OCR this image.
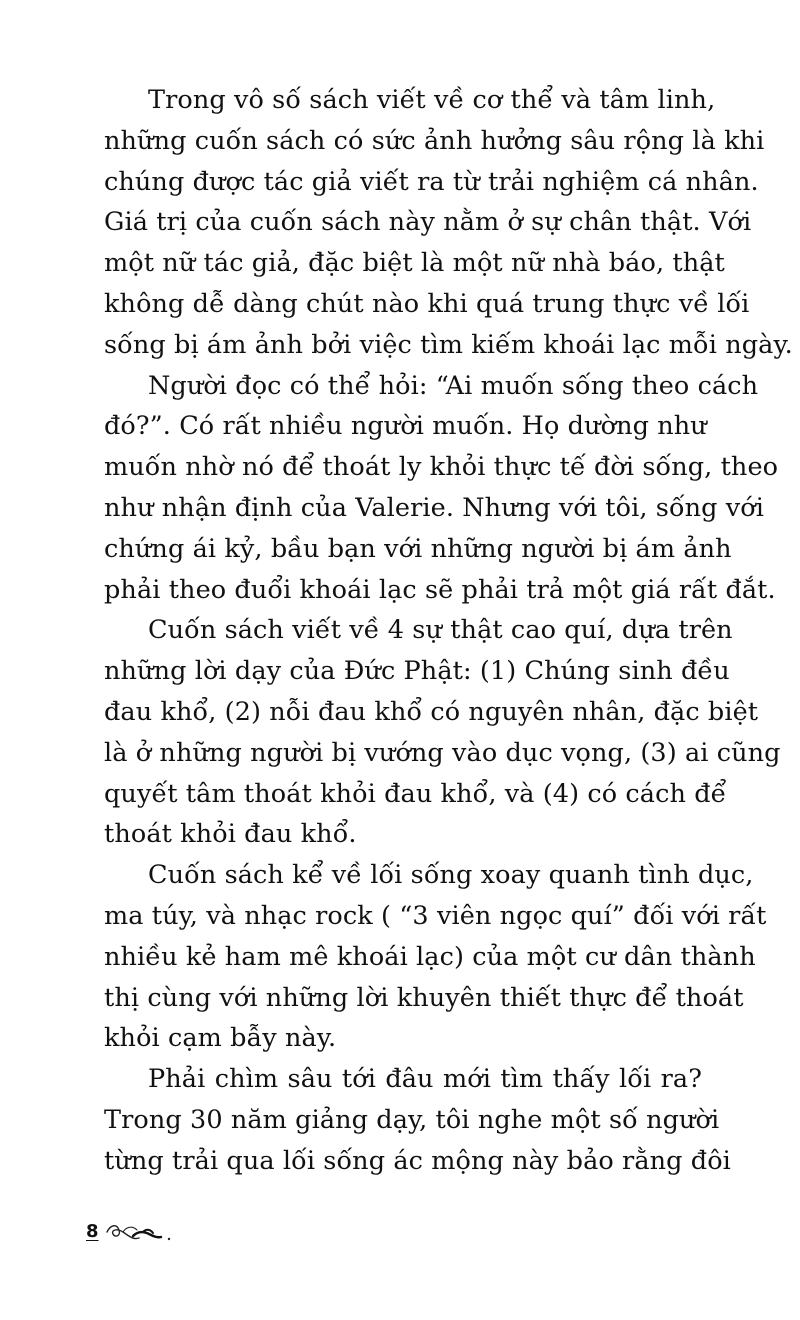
Trong vô số sách viết về cơ thể và tâm linh,
những cuốn sách có sức ảnh hưởng sâu rộng là khi
chúng được tác giả viết ra từ trải nghiệm cá nhân.
Giá trị của cuốn sách này nằm ở sự chân thật. Với
một nữ tác giả, đặc biệt là một nữ nhà báo, thật
không dễ dàng chút nào khi quá trung thực về lối
sống bị ám ảnh bởi việc tìm kiếm khoái lạc mỗi ngày.
Người đọc có thể hỏi: “Ai muốn sống theo cách
đó?”. Có rất nhiều người muốn. Họ dường như
muốn nhờ nó để thoát ly khỏi thực tế đời sống, theo
như nhận định của Valerie. Nhưng với tôi, sống với
chứng ái kỷ, bầu bạn với những người bị ám ảnh
phải theo đuổi khoái lạc sẽ phải trả một giá rất đắt.
Cuốn sách viết về 4 sự thật cao quí, dựa trên
những lời dạy của Đức Phật: (1) Chúng sinh đều
đau khổ, (2) nỗi đau khổ có nguyên nhân, đặc biệt
là ở những người bị vướng vào dục vọng, (3) ai cũng
quyết tâm thoát khỏi đau khổ, và (4) có cách để
thoát khỏi đau khổ.
Cuốn sách kể về lối sống xoay quanh tình dục,
ma túy, và nhạc rock ( “3 viên ngọc quí” đối với rất
nhiều kẻ ham mê khoái lạc) của một cư dân thành
thị cùng với những lời khuyên thiết thực để thoát
khỏi cạm bẫy này.
Phải chìm sâu tới đâu mới tìm thấy lối ra?
Trong 30 năm giảng dạy, tôi nghe một số người
từng trải qua lối sống ác mộng này bảo rằng đôi
8
